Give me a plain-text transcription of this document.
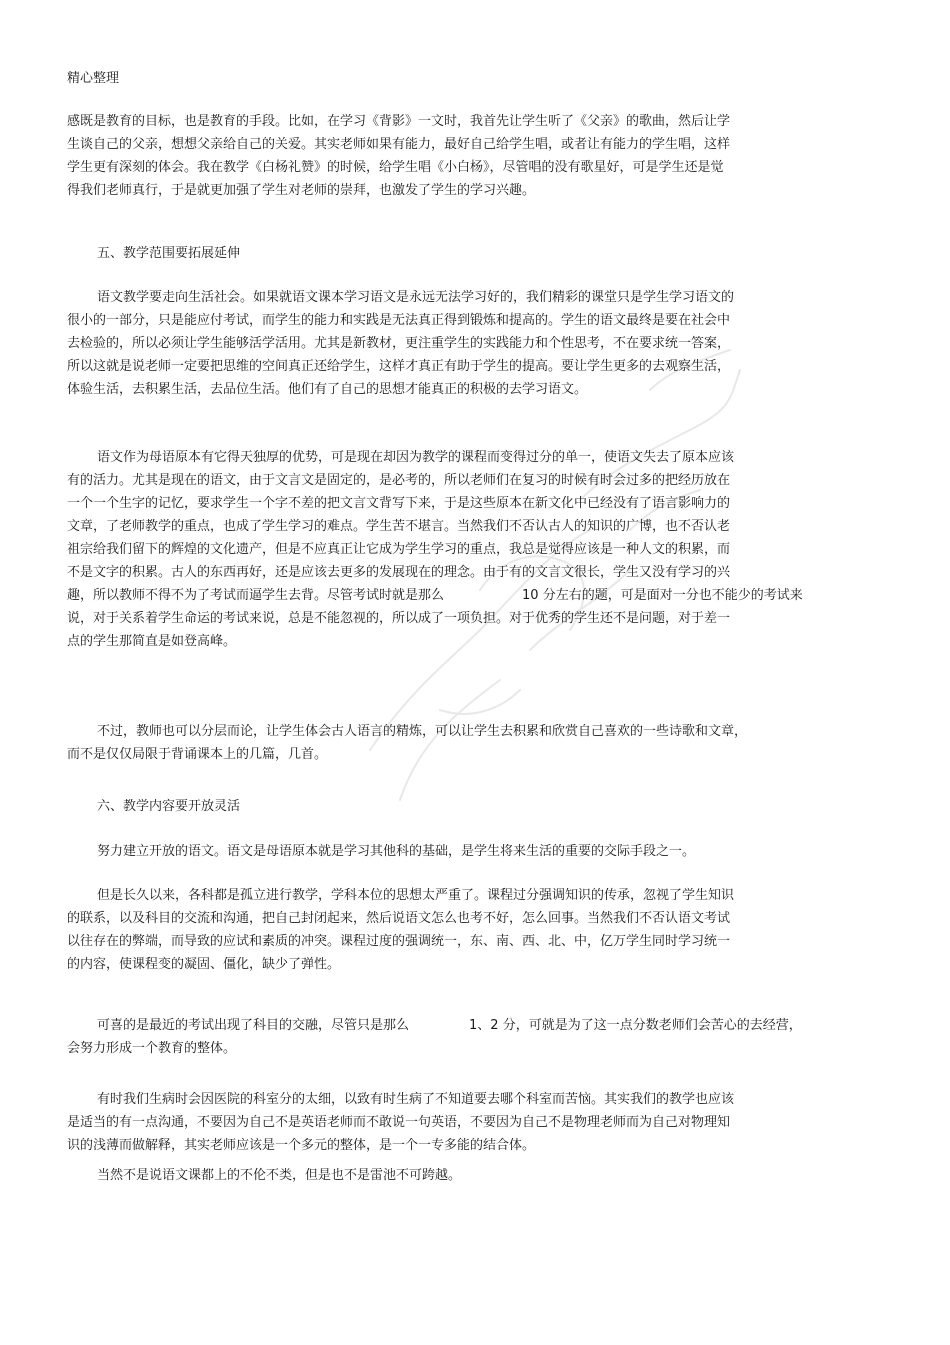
精心整理
感既是教育的目标，也是教育的手段。比如，在学习《背影》一文时，我首先让学生听了《父亲》的歌曲，然后让学
生谈自己的父亲，想想父亲给自己的关爱。其实老师如果有能力，最好自己给学生唱，或者让有能力的学生唱，这样
学生更有深刻的体会。我在教学《白杨礼赞》的时候，给学生唱《小白杨》，尽管唱的没有歌星好，可是学生还是觉
得我们老师真行，于是就更加强了学生对老师的崇拜，也激发了学生的学习兴趣。
五、教学范围要拓展延伸
语文教学要走向生活社会。如果就语文课本学习语文是永远无法学习好的，我们精彩的课堂只是学生学习语文的
很小的一部分，只是能应付考试，而学生的能力和实践是无法真正得到锻炼和提高的。学生的语文最终是要在社会中
去检验的，所以必须让学生能够活学活用。尤其是新教材，更注重学生的实践能力和个性思考，不在要求统一答案，
所以这就是说老师一定要把思维的空间真正还给学生，这样才真正有助于学生的提高。要让学生更多的去观察生活，
体验生活，去积累生活，去品位生活。他们有了自己的思想才能真正的积极的去学习语文。
语文作为母语原本有它得天独厚的优势，可是现在却因为教学的课程而变得过分的单一，使语文失去了原本应该
有的活力。尤其是现在的语文，由于文言文是固定的，是必考的，所以老师们在复习的时候有时会过多的把经历放在
一个一个生字的记忆，要求学生一个字不差的把文言文背写下来，于是这些原本在新文化中已经没有了语言影响力的
文章，了老师教学的重点，也成了学生学习的难点。学生苦不堪言。当然我们不否认古人的知识的广博，也不否认老
祖宗给我们留下的辉煌的文化遗产，但是不应真正让它成为学生学习的重点，我总是觉得应该是一种人文的积累，而
不是文字的积累。古人的东西再好，还是应该去更多的发展现在的理念。由于有的文言文很长，学生又没有学习的兴
趣，所以教师不得不为了考试而逼学生去背。尽管考试时就是那么	10 分左右的题，可是面对一分也不能少的考试来
说，对于关系着学生命运的考试来说，总是不能忽视的，所以成了一项负担。对于优秀的学生还不是问题，对于差一
点的学生那简直是如登高峰。
不过，教师也可以分层而论，让学生体会古人语言的精炼，可以让学生去积累和欣赏自己喜欢的一些诗歌和文章，
而不是仅仅局限于背诵课本上的几篇，几首。
六、教学内容要开放灵活
努力建立开放的语文。语文是母语原本就是学习其他科的基础，是学生将来生活的重要的交际手段之一。
但是长久以来，各科都是孤立进行教学，学科本位的思想太严重了。课程过分强调知识的传承，忽视了学生知识
的联系，以及科目的交流和沟通，把自己封闭起来，然后说语文怎么也考不好，怎么回事。当然我们不否认语文考试
以往存在的弊端，而导致的应试和素质的冲突。课程过度的强调统一，东、南、西、北、中，亿万学生同时学习统一
的内容，使课程变的凝固、僵化，缺少了弹性。
可喜的是最近的考试出现了科目的交融，尽管只是那么	1、2 分，可就是为了这一点分数老师们会苦心的去经营，
会努力形成一个教育的整体。
有时我们生病时会因医院的科室分的太细，以致有时生病了不知道要去哪个科室而苦恼。其实我们的教学也应该
是适当的有一点沟通，不要因为自己不是英语老师而不敢说一句英语，不要因为自己不是物理老师而为自己对物理知
识的浅薄而做解释，其实老师应该是一个多元的整体，是一个一专多能的结合体。
当然不是说语文课都上的不伦不类，但是也不是雷池不可跨越。
